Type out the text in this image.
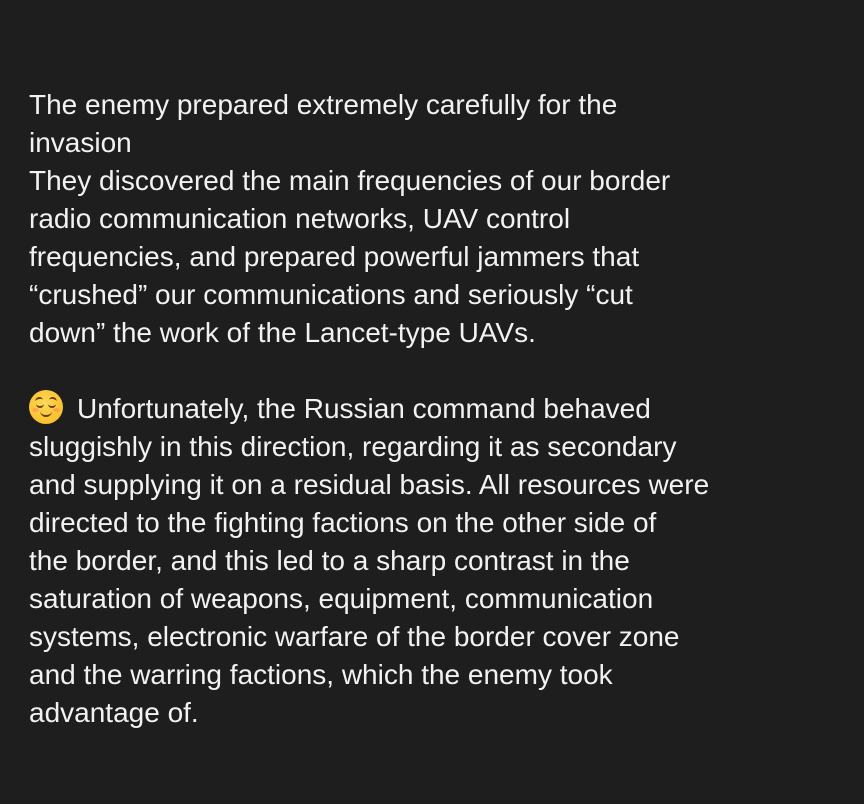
The enemy prepared extremely carefully for the
invasion
They discovered the main frequencies of our border
radio communication networks, UAV control
frequencies, and prepared powerful jammers that
“crushed” our communications and seriously “cut
down” the work of the Lancet-type UAVs.
Unfortunately, the Russian command behaved
sluggishly in this direction, regarding it as secondary
and supplying it on a residual basis. All resources were
directed to the fighting factions on the other side of
the border, and this led to a sharp contrast in the
saturation of weapons, equipment, communication
systems, electronic warfare of the border cover zone
and the warring factions, which the enemy took
advantage of.
